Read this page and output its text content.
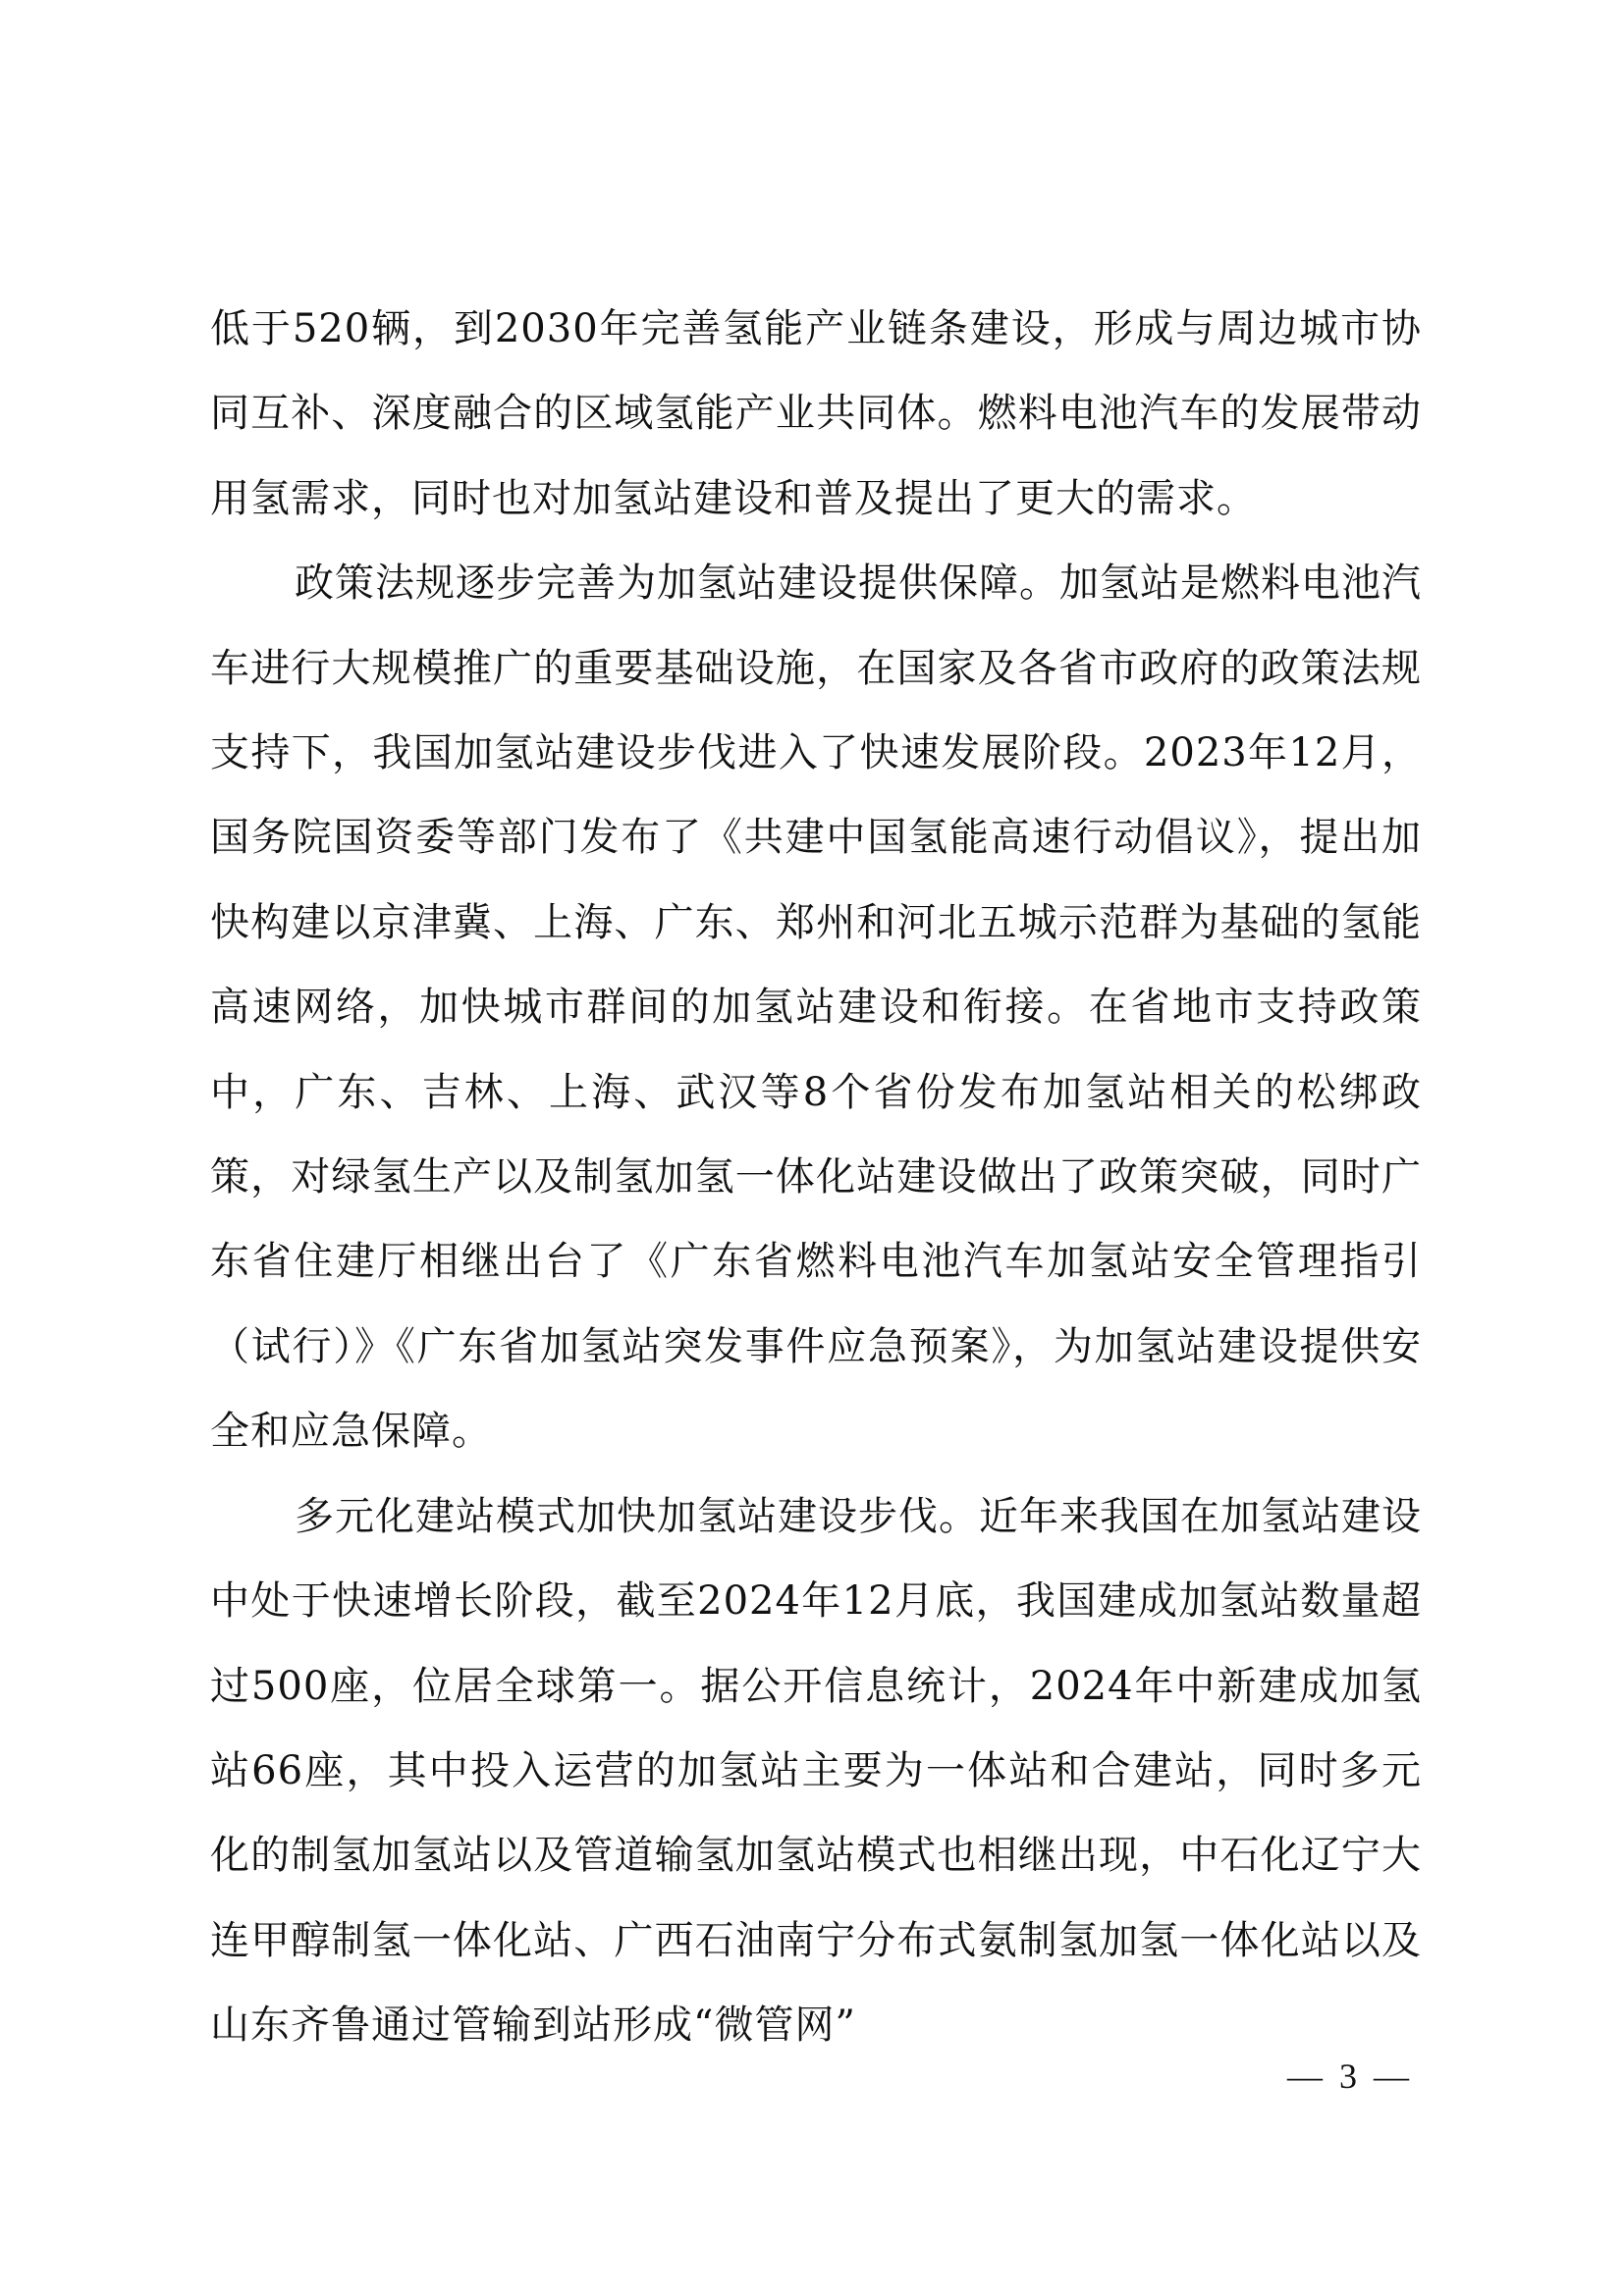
低于520辆，到2030年完善氢能产业链条建设，形成与周边城市协同互补、深度融合的区域氢能产业共同体。燃料电池汽车的发展带动用氢需求，同时也对加氢站建设和普及提出了更大的需求。

政策法规逐步完善为加氢站建设提供保障。加氢站是燃料电池汽车进行大规模推广的重要基础设施，在国家及各省市政府的政策法规支持下，我国加氢站建设步伐进入了快速发展阶段。2023年12月，国务院国资委等部门发布了《共建中国氢能高速行动倡议》，提出加快构建以京津冀、上海、广东、郑州和河北五城示范群为基础的氢能高速网络，加快城市群间的加氢站建设和衔接。在省地市支持政策中，广东、吉林、上海、武汉等8个省份发布加氢站相关的松绑政策，对绿氢生产以及制氢加氢一体化站建设做出了政策突破，同时广东省住建厅相继出台了《广东省燃料电池汽车加氢站安全管理指引（试行）》《广东省加氢站突发事件应急预案》，为加氢站建设提供安全和应急保障。

多元化建站模式加快加氢站建设步伐。近年来我国在加氢站建设中处于快速增长阶段，截至2024年12月底，我国建成加氢站数量超过500座，位居全球第一。据公开信息统计，2024年中新建成加氢站66座，其中投入运营的加氢站主要为一体站和合建站，同时多元化的制氢加氢站以及管道输氢加氢站模式也相继出现，中石化辽宁大连甲醇制氢一体化站、广西石油南宁分布式氨制氢加氢一体化站以及山东齐鲁通过管输到站形成“微管网”

— 3 —
